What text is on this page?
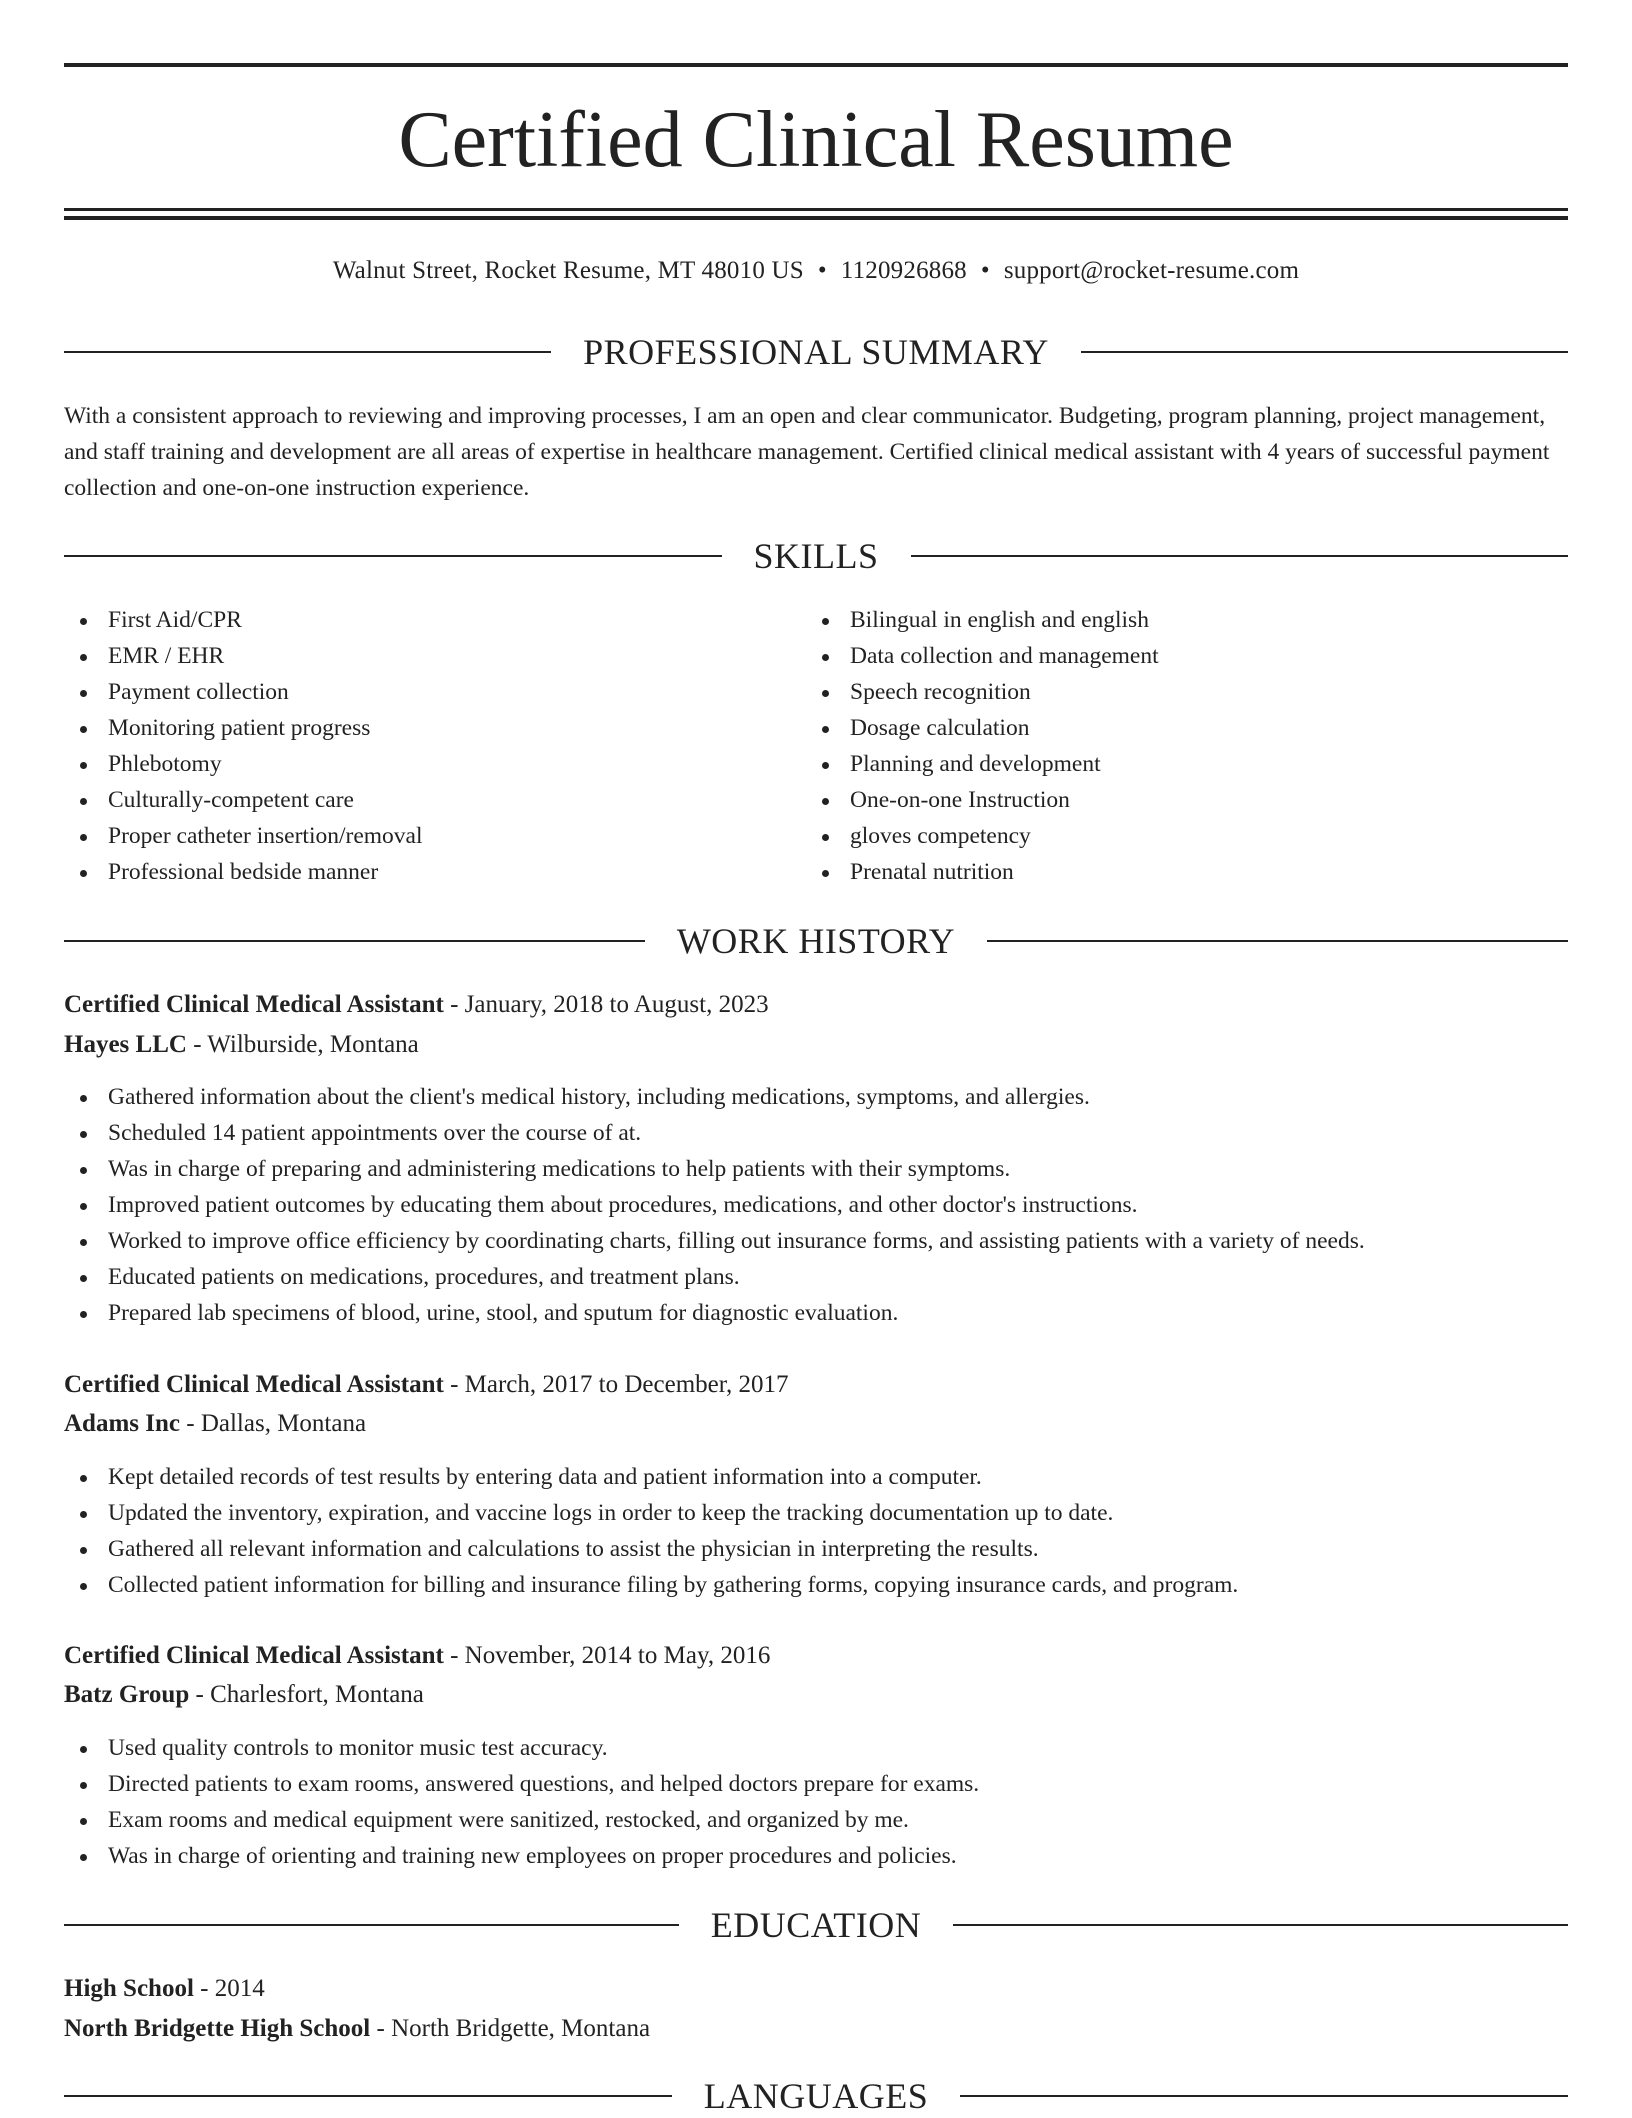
Certified Clinical Resume
Walnut Street, Rocket Resume, MT 48010 US • 1120926868 • support@rocket-resume.com
PROFESSIONAL SUMMARY

With a consistent approach to reviewing and improving processes, I am an open and clear communicator. Budgeting, program planning, project management, and staff training and development are all areas of expertise in healthcare management. Certified clinical medical assistant with 4 years of successful payment collection and one-on-one instruction experience.

SKILLS
First Aid/CPR
EMR / EHR
Payment collection
Monitoring patient progress
Phlebotomy
Culturally-competent care
Proper catheter insertion/removal
Professional bedside manner
Bilingual in english and english
Data collection and management
Speech recognition
Dosage calculation
Planning and development
One-on-one Instruction
gloves competency
Prenatal nutrition
WORK HISTORY
Certified Clinical Medical Assistant - January, 2018 to August, 2023
Hayes LLC - Wilburside, Montana
Gathered information about the client's medical history, including medications, symptoms, and allergies.
Scheduled 14 patient appointments over the course of at.
Was in charge of preparing and administering medications to help patients with their symptoms.
Improved patient outcomes by educating them about procedures, medications, and other doctor's instructions.
Worked to improve office efficiency by coordinating charts, filling out insurance forms, and assisting patients with a variety of needs.
Educated patients on medications, procedures, and treatment plans.
Prepared lab specimens of blood, urine, stool, and sputum for diagnostic evaluation.
Certified Clinical Medical Assistant - March, 2017 to December, 2017
Adams Inc - Dallas, Montana
Kept detailed records of test results by entering data and patient information into a computer.
Updated the inventory, expiration, and vaccine logs in order to keep the tracking documentation up to date.
Gathered all relevant information and calculations to assist the physician in interpreting the results.
Collected patient information for billing and insurance filing by gathering forms, copying insurance cards, and program.
Certified Clinical Medical Assistant - November, 2014 to May, 2016
Batz Group - Charlesfort, Montana
Used quality controls to monitor music test accuracy.
Directed patients to exam rooms, answered questions, and helped doctors prepare for exams.
Exam rooms and medical equipment were sanitized, restocked, and organized by me.
Was in charge of orienting and training new employees on proper procedures and policies.
EDUCATION
High School - 2014
North Bridgette High School - North Bridgette, Montana
LANGUAGES
